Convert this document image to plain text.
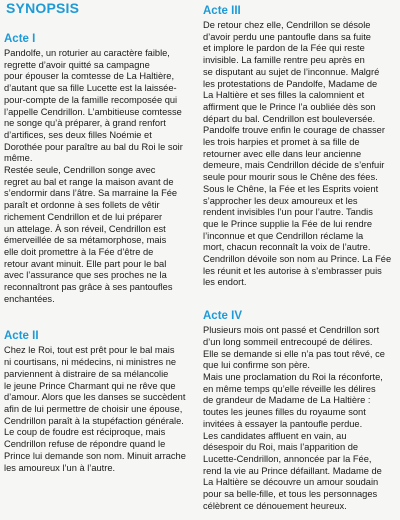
SYNOPSIS
Acte I

Pandolfe, un roturier au caractère faible,
regrette d’avoir quitté sa campagne
pour épouser la comtesse de La Haltière,
d’autant que sa fille Lucette est la laissée-
pour-compte de la famille recomposée qui
l’appelle Cendrillon. L’ambitieuse comtesse
ne songe qu’à préparer, à grand renfort
d’artifices, ses deux filles Noémie et
Dorothée pour paraître au bal du Roi le soir
même.
Restée seule, Cendrillon songe avec
regret au bal et range la maison avant de
s’endormir dans l’âtre. Sa marraine la Fée
paraît et ordonne à ses follets de vêtir
richement Cendrillon et de lui préparer
un attelage. À son réveil, Cendrillon est
émerveillée de sa métamorphose, mais
elle doit promettre à la Fée d’être de
retour avant minuit. Elle part pour le bal
avec l’assurance que ses proches ne la
reconnaîtront pas grâce à ses pantoufles
enchantées.

Acte II

Chez le Roi, tout est prêt pour le bal mais
ni courtisans, ni médecins, ni ministres ne
parviennent à distraire de sa mélancolie
le jeune Prince Charmant qui ne rêve que
d’amour. Alors que les danses se succèdent
afin de lui permettre de choisir une épouse,
Cendrillon paraît à la stupéfaction générale.
Le coup de foudre est réciproque, mais
Cendrillon refuse de répondre quand le
Prince lui demande son nom. Minuit arrache
les amoureux l’un à l’autre.

Acte III

De retour chez elle, Cendrillon se désole
d’avoir perdu une pantoufle dans sa fuite
et implore le pardon de la Fée qui reste
invisible. La famille rentre peu après en
se disputant au sujet de l’inconnue. Malgré
les protestations de Pandolfe, Madame de
La Haltière et ses filles la calomnient et
affirment que le Prince l’a oubliée dès son
départ du bal. Cendrillon est bouleversée.
Pandolfe trouve enfin le courage de chasser
les trois harpies et promet à sa fille de
retourner avec elle dans leur ancienne
demeure, mais Cendrillon décide de s’enfuir
seule pour mourir sous le Chêne des fées.
Sous le Chêne, la Fée et les Esprits voient
s’approcher les deux amoureux et les
rendent invisibles l’un pour l’autre. Tandis
que le Prince supplie la Fée de lui rendre
l’inconnue et que Cendrillon réclame la
mort, chacun reconnaît la voix de l’autre.
Cendrillon dévoile son nom au Prince. La Fée
les réunit et les autorise à s’embrasser puis
les endort.

Acte IV

Plusieurs mois ont passé et Cendrillon sort
d’un long sommeil entrecoupé de délires.
Elle se demande si elle n’a pas tout rêvé, ce
que lui confirme son père.
Mais une proclamation du Roi la réconforte,
en même temps qu’elle réveille les délires
de grandeur de Madame de La Haltière :
toutes les jeunes filles du royaume sont
invitées à essayer la pantoufle perdue.
Les candidates affluent en vain, au
désespoir du Roi, mais l’apparition de
Lucette-Cendrillon, annoncée par la Fée,
rend la vie au Prince défaillant. Madame de
La Haltière se découvre un amour soudain
pour sa belle-fille, et tous les personnages
célèbrent ce dénouement heureux.
